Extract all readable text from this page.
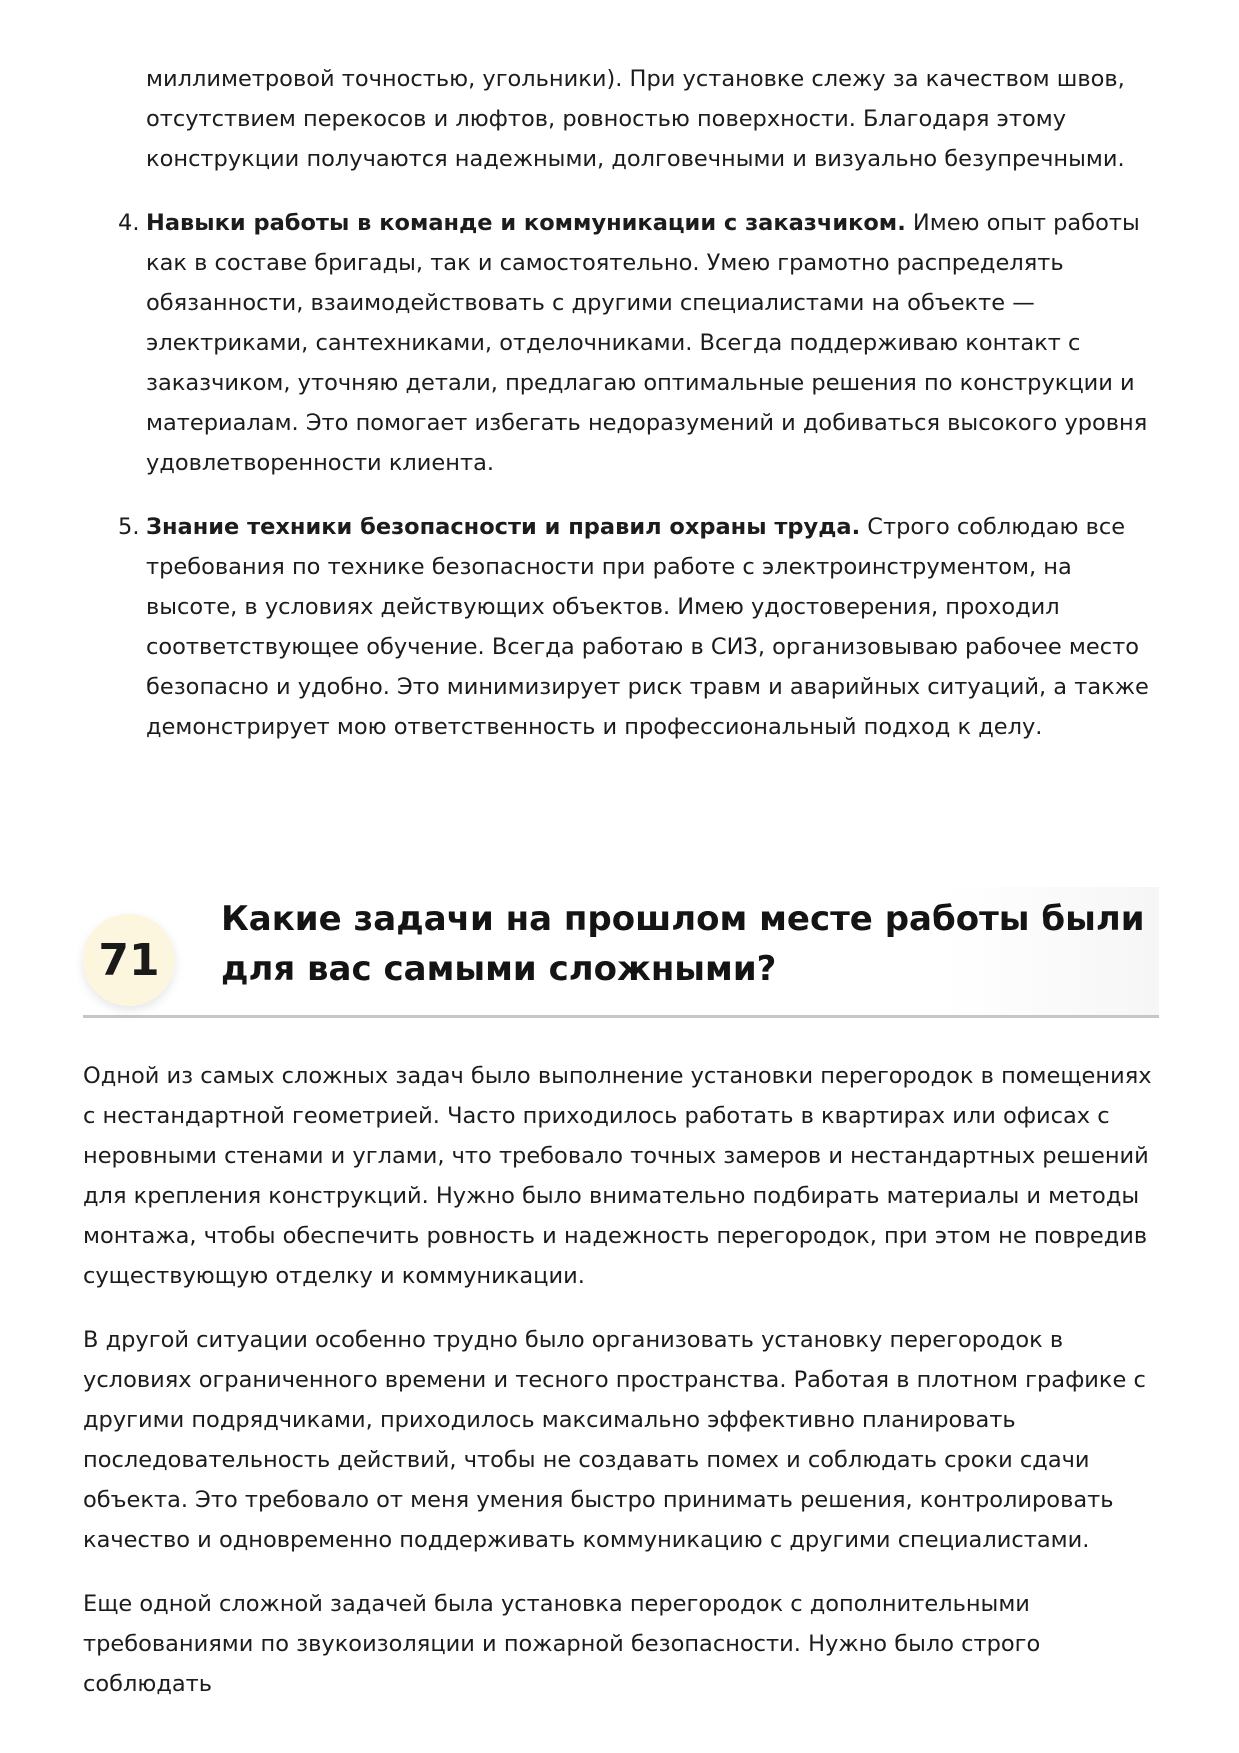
миллиметровой точностью, угольники). При установке слежу за качеством швов, отсутствием перекосов и люфтов, ровностью поверхности. Благодаря этому конструкции получаются надежными, долговечными и визуально безупречными.
4. Навыки работы в команде и коммуникации с заказчиком. Имею опыт работы как в составе бригады, так и самостоятельно. Умею грамотно распределять обязанности, взаимодействовать с другими специалистами на объекте — электриками, сантехниками, отделочниками. Всегда поддерживаю контакт с заказчиком, уточняю детали, предлагаю оптимальные решения по конструкции и материалам. Это помогает избегать недоразумений и добиваться высокого уровня удовлетворенности клиента.
5. Знание техники безопасности и правил охраны труда. Строго соблюдаю все требования по технике безопасности при работе с электроинструментом, на высоте, в условиях действующих объектов. Имею удостоверения, проходил соответствующее обучение. Всегда работаю в СИЗ, организовываю рабочее место безопасно и удобно. Это минимизирует риск травм и аварийных ситуаций, а также демонстрирует мою ответственность и профессиональный подход к делу.
71
Какие задачи на прошлом месте работы были для вас самыми сложными?

Одной из самых сложных задач было выполнение установки перегородок в помещениях с нестандартной геометрией. Часто приходилось работать в квартирах или офисах с неровными стенами и углами, что требовало точных замеров и нестандартных решений для крепления конструкций. Нужно было внимательно подбирать материалы и методы монтажа, чтобы обеспечить ровность и надежность перегородок, при этом не повредив существующую отделку и коммуникации.

В другой ситуации особенно трудно было организовать установку перегородок в условиях ограниченного времени и тесного пространства. Работая в плотном графике с другими подрядчиками, приходилось максимально эффективно планировать последовательность действий, чтобы не создавать помех и соблюдать сроки сдачи объекта. Это требовало от меня умения быстро принимать решения, контролировать качество и одновременно поддерживать коммуникацию с другими специалистами.

Еще одной сложной задачей была установка перегородок с дополнительными требованиями по звукоизоляции и пожарной безопасности. Нужно было строго соблюдать
